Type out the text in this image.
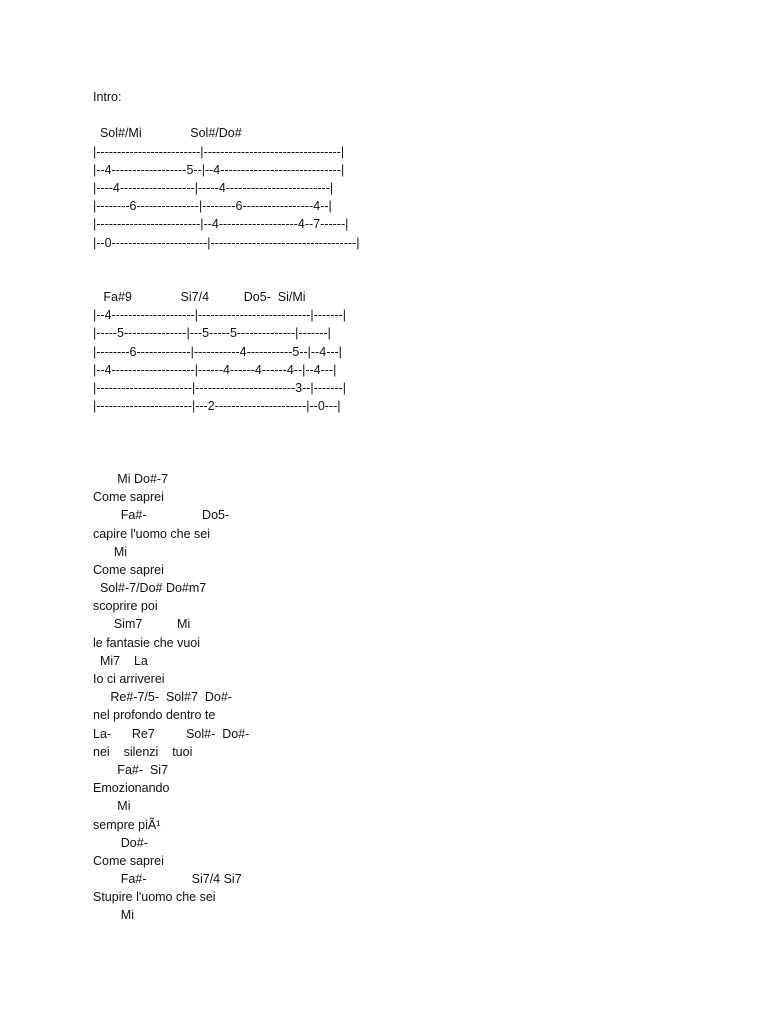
Intro:
Sol#/Mi              Sol#/Do#
|-------------------------|---------------------------------|
|--4------------------5--|--4-----------------------------|
|----4------------------|-----4-------------------------|
|--------6---------------|--------6-----------------4--|
|-------------------------|--4-------------------4--7------|
|--0-----------------------|-----------------------------------|
Fa#9              Si7/4          Do5-  Si/Mi
|--4--------------------|---------------------------|-------|
|-----5---------------|---5-----5--------------|-------|
|--------6-------------|-----------4-----------5--|--4---|
|--4--------------------|------4------4------4--|--4---|
|-----------------------|------------------------3--|-------|
|-----------------------|---2----------------------|--0---|
Mi Do#-7
Come saprei
Fa#-                Do5-
capire l'uomo che sei
Mi
Come saprei
Sol#-7/Do# Do#m7
scoprire poi
Sim7          Mi
le fantasie che vuoi
Mi7    La
Io ci arriverei
Re#-7/5-  Sol#7  Do#-
nel profondo dentro te
La-      Re7         Sol#-  Do#-
nei    silenzi    tuoi
Fa#-  Si7
Emozionando
Mi
sempre piÃ¹
Do#-
Come saprei
Fa#-             Si7/4 Si7
Stupire l'uomo che sei
Mi
